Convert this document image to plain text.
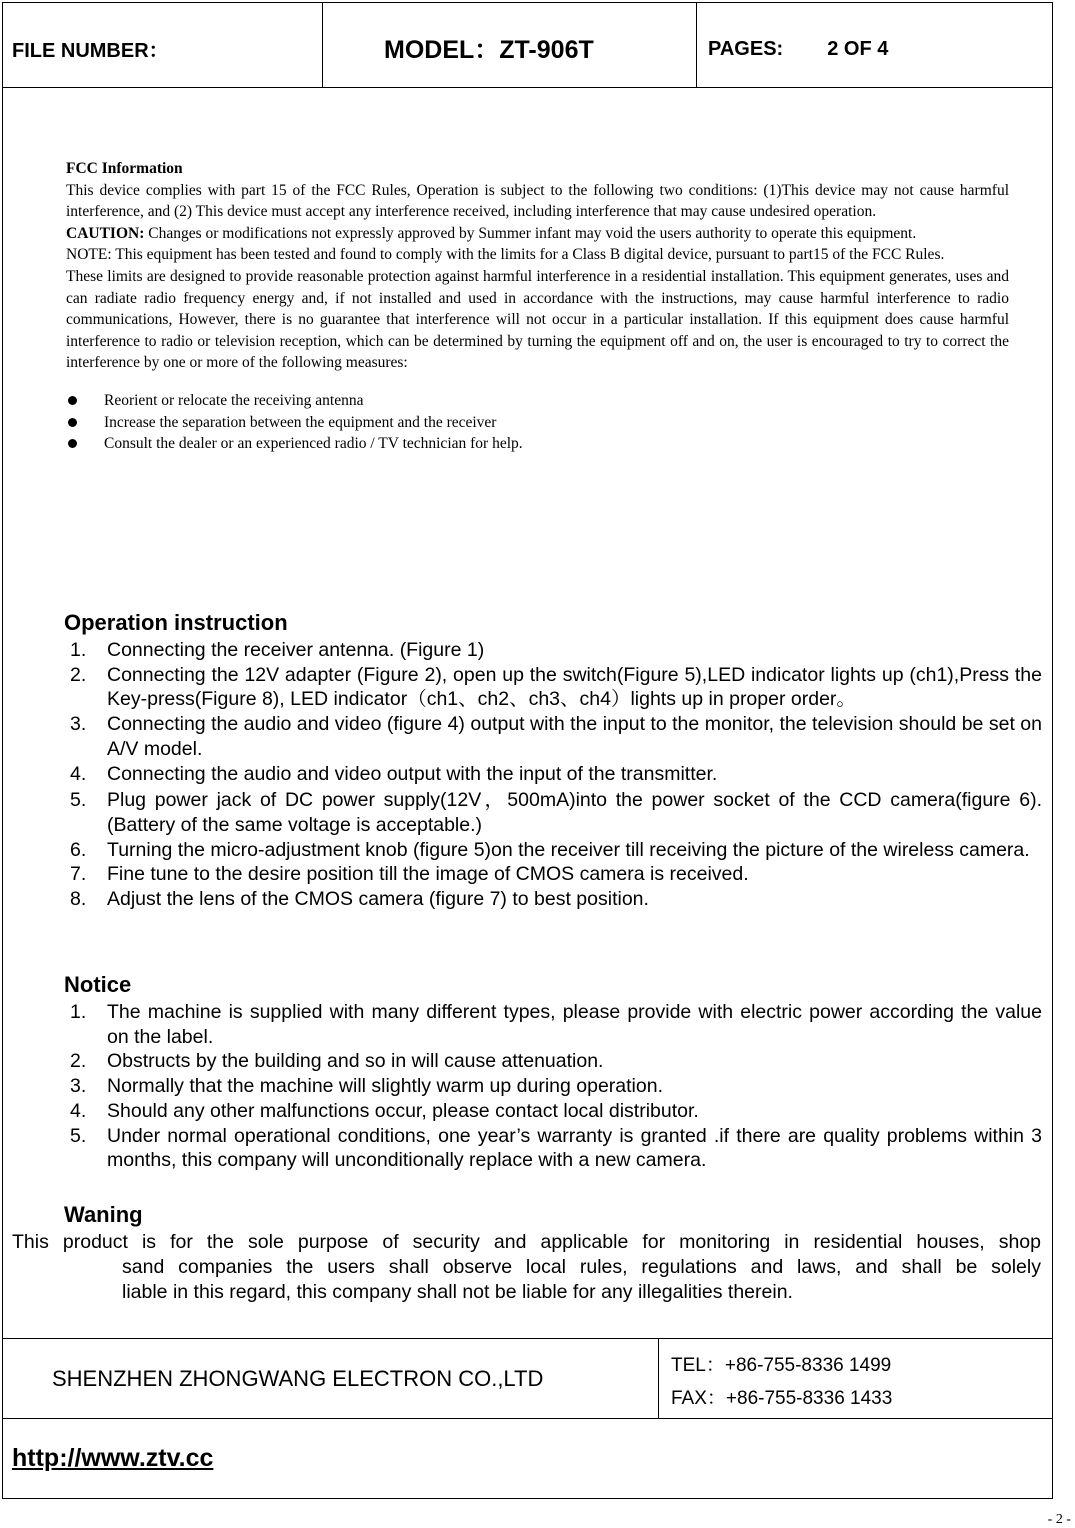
FILE NUMBER：	MODEL：ZT-906T	PAGES: 2 OF 4

FCC Information

This device complies with part 15 of the FCC Rules, Operation is subject to the following two conditions: (1)This device may not cause harmful interference, and (2) This device must accept any interference received, including interference that may cause undesired operation.

CAUTION: Changes or modifications not expressly approved by Summer infant may void the users authority to operate this equipment.

NOTE: This equipment has been tested and found to comply with the limits for a Class B digital device, pursuant to part15 of the FCC Rules.

These limits are designed to provide reasonable protection against harmful interference in a residential installation. This equipment generates, uses and can radiate radio frequency energy and, if not installed and used in accordance with the instructions, may cause harmful interference to radio communications, However, there is no guarantee that interference will not occur in a particular installation. If this equipment does cause harmful interference to radio or television reception, which can be determined by turning the equipment off and on, the user is encouraged to try to correct the interference by one or more of the following measures:

Reorient or relocate the receiving antenna
Increase the separation between the equipment and the receiver
Consult the dealer or an experienced radio / TV technician for help.
Operation instruction
1. Connecting the receiver antenna. (Figure 1)
2. Connecting the 12V adapter (Figure 2), open up the switch(Figure 5),LED indicator lights up (ch1),Press the Key-press(Figure 8), LED indicator（ch1、ch2、ch3、ch4）lights up in proper order。
3. Connecting the audio and video (figure 4) output with the input to the monitor, the television should be set on A/V model.
4. Connecting the audio and video output with the input of the transmitter.
5. Plug power jack of DC power supply(12V，500mA)into the power socket of the CCD camera(figure 6).(Battery of the same voltage is acceptable.)
6. Turning the micro-adjustment knob (figure 5)on the receiver till receiving the picture of the wireless camera.
7. Fine tune to the desire position till the image of CMOS camera is received.
8. Adjust the lens of the CMOS camera (figure 7) to best position.
Notice
1. The machine is supplied with many different types, please provide with electric power according the value on the label.
2. Obstructs by the building and so in will cause attenuation.
3. Normally that the machine will slightly warm up during operation.
4. Should any other malfunctions occur, please contact local distributor.
5. Under normal operational conditions, one year’s warranty is granted .if there are quality problems within 3 months, this company will unconditionally replace with a new camera.
Waning
This product is for the sole purpose of security and applicable for monitoring in residential houses, shop
sand companies the users shall observe local rules, regulations and laws, and shall be solely
liable in this regard, this company shall not be liable for any illegalities therein.
SHENZHEN ZHONGWANG ELECTRON CO.,LTD
TEL：+86-755-8336 1499
FAX：+86-755-8336 1433
http://www.ztv.cc
- 2 -
